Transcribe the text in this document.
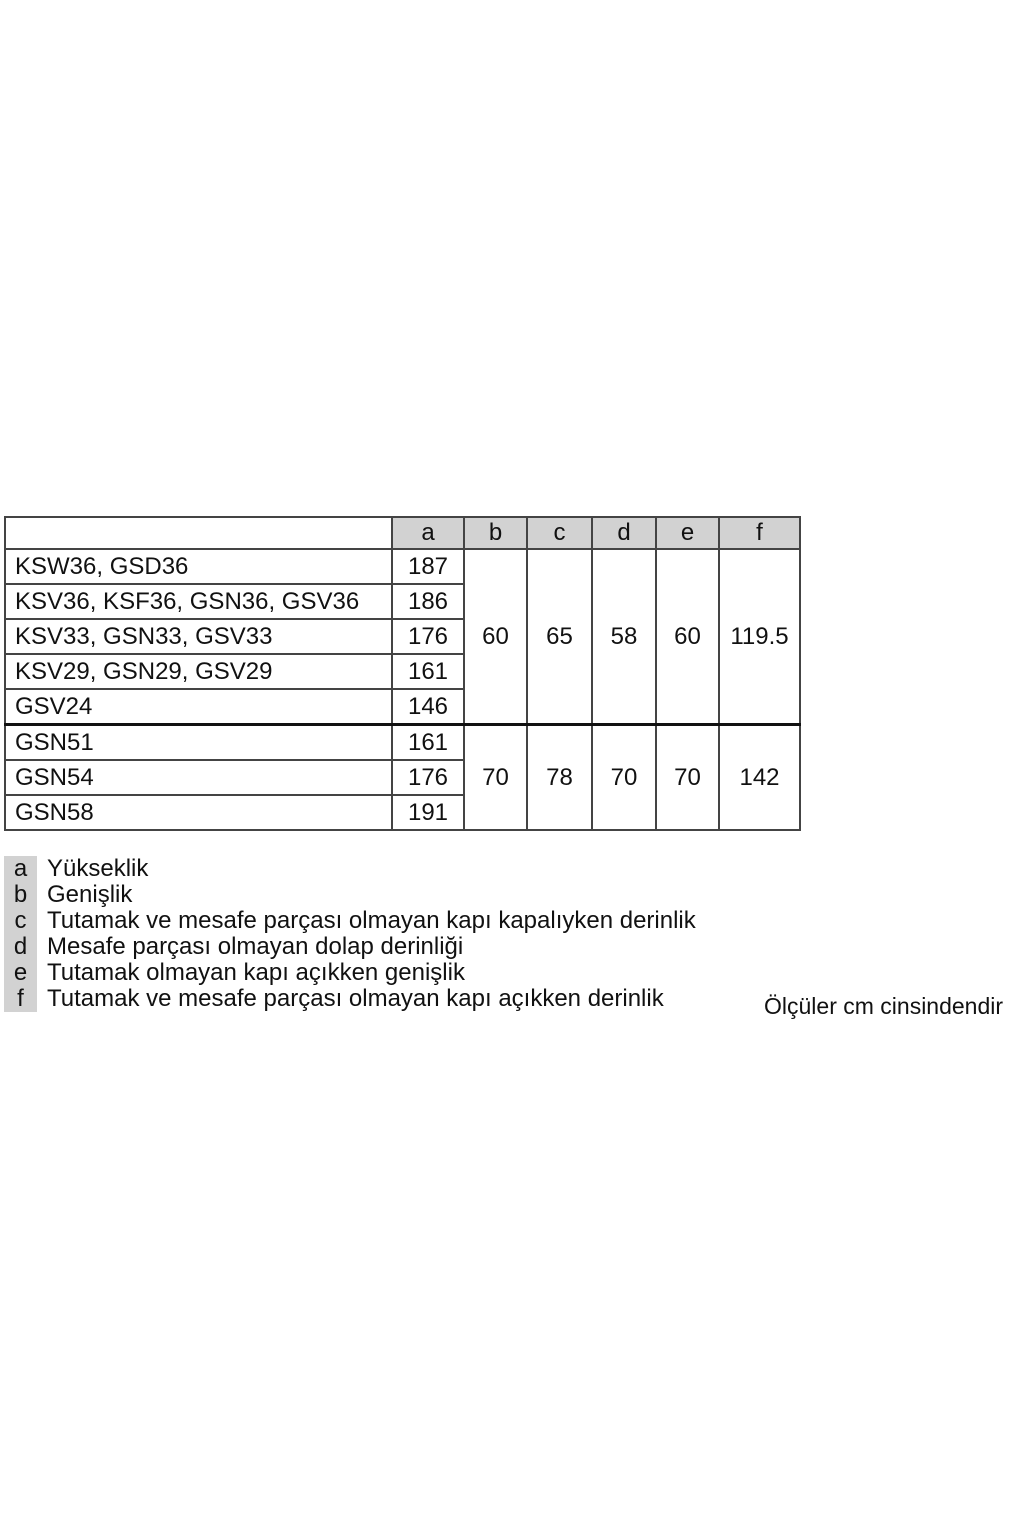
	a	b	c	d	e	f
KSW36, GSD36	187	60	65	58	60	119.5
KSV36, KSF36, GSN36, GSV36	186					
KSV33, GSN33, GSV33	176					
KSV29, GSN29, GSV29	161					
GSV24	146					
GSN51	161	70	78	70	70	142
GSN54	176					
GSN58	191					
a Yükseklik
b Genişlik
c Tutamak ve mesafe parçası olmayan kapı kapalıyken derinlik
d Mesafe parçası olmayan dolap derinliği
e Tutamak olmayan kapı açıkken genişlik
f Tutamak ve mesafe parçası olmayan kapı açıkken derinlik	Ölçüler cm cinsindendir
